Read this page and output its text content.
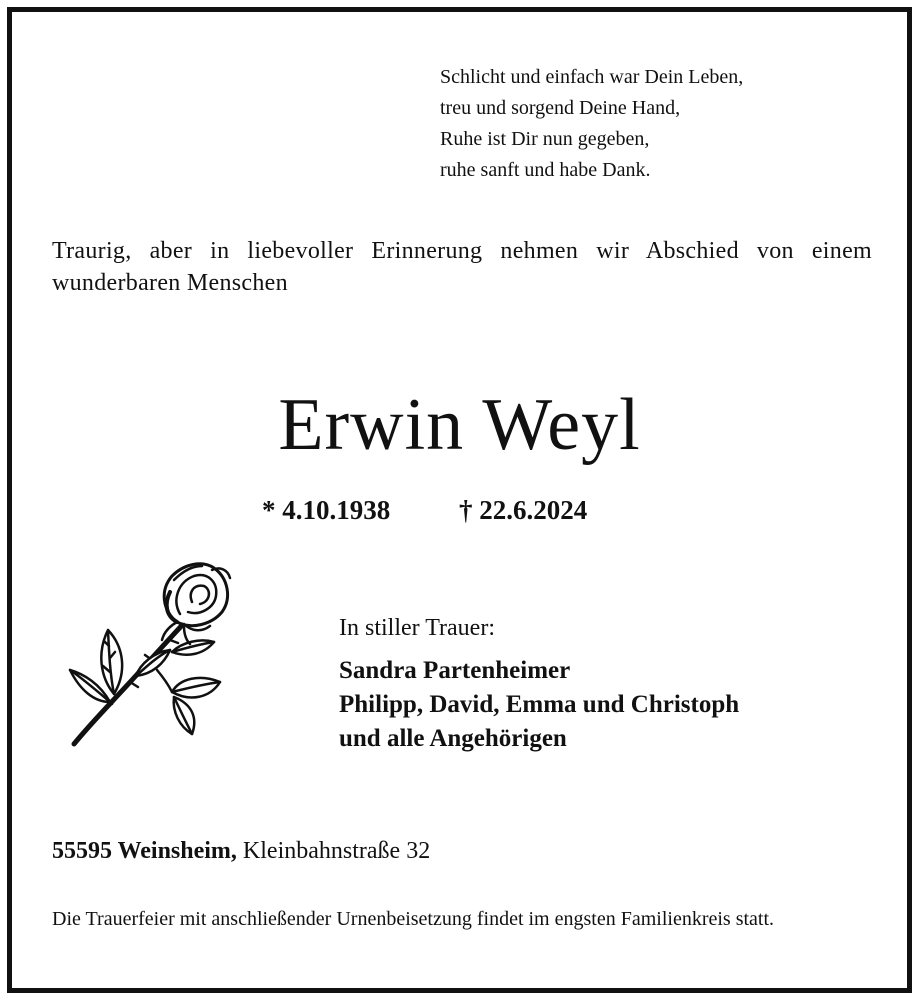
Schlicht und einfach war Dein Leben,
treu und sorgend Deine Hand,
Ruhe ist Dir nun gegeben,
ruhe sanft und habe Dank.
Traurig, aber in liebevoller Erinnerung nehmen wir Abschied von einem wunderbaren Menschen
Erwin Weyl
* 4.10.1938	† 22.6.2024
In stiller Trauer:
Sandra Partenheimer
Philipp, David, Emma und Christoph
und alle Angehörigen
55595 Weinsheim, Kleinbahnstraße 32
Die Trauerfeier mit anschließender Urnenbeisetzung findet im engsten Familienkreis statt.
